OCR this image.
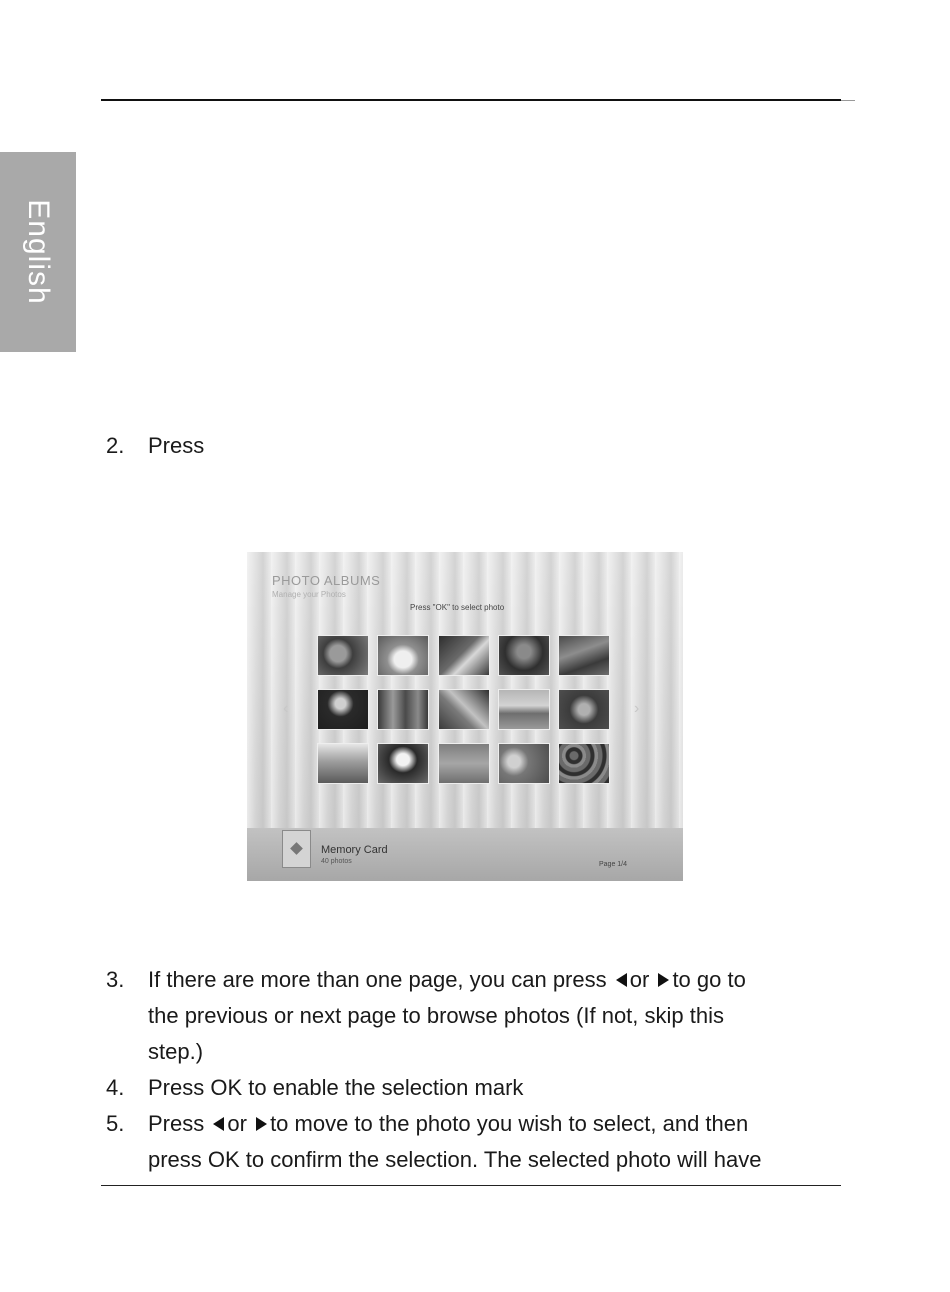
English
2. Press
PHOTO ALBUMS
Manage your Photos
Press "OK" to select photo
‹	›
Memory Card
40 photos	Page 1/4
3. If there are more than one page, you can press or to go to
the previous or next page to browse photos (If not, skip this
step.)
4. Press OK to enable the selection mark
5. Press or to move to the photo you wish to select, and then
press OK to confirm the selection. The selected photo will have
